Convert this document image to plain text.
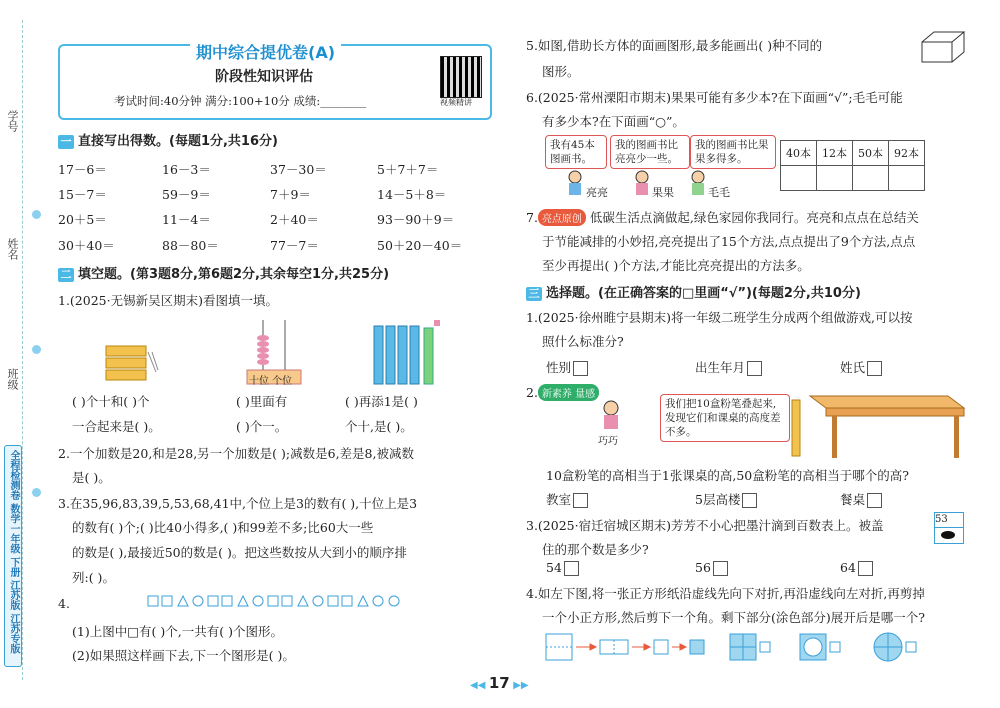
学号
姓名
班级
全程检测卷 数学一年级 下册 江苏版 江苏专版
期中综合提优卷(A)
阶段性知识评估
考试时间:40分钟 满分:100+10分 成绩:________	视频精讲
一 直接写出得数。(每题1分,共16分)
17－6＝	16－3＝	37－30＝	5＋7＋7＝
15－7＝	59－9＝	7＋9＝	14－5＋8＝
20＋5＝	11－4＝	2＋40＝	93－90＋9＝
30＋40＝	88－80＝	77－7＝	50＋20－40＝
二 填空题。(第3题8分,第6题2分,其余每空1分,共25分)
1.(2025·无锡新吴区期末)看图填一填。
十位 个位
( )个十和( )个	( )里面有	( )再添1是( )
一合起来是( )。	( )个一。	个十,是( )。
2.一个加数是20,和是28,另一个加数是( );减数是6,差是8,被减数
是( )。
3.在35,96,83,39,5,53,68,41中,个位上是3的数有( ),十位上是3
的数有( )个;( )比40小得多,( )和99差不多;比60大一些
的数是( ),最接近50的数是( )。把这些数按从大到小的顺序排
列:( )。
4.
(1)上图中□有( )个,一共有( )个图形。
(2)如果照这样画下去,下一个图形是( )。
5.如图,借助长方体的面画图形,最多能画出( )种不同的
图形。
6.(2025·常州溧阳市期末)果果可能有多少本?在下面画“√”;毛毛可能
有多少本?在下面画“○”。
我有45本图画书。
我的图画书比亮亮少一些。
我的图画书比果果多得多。
亮亮	果果	毛毛
40本	12本	50本	92本

7. 亮点原创 低碳生活点滴做起,绿色家园你我同行。亮亮和点点在总结关
于节能减排的小妙招,亮亮提出了15个方法,点点提出了9个方法,点点
至少再提出( )个方法,才能比亮亮提出的方法多。
三 选择题。(在正确答案的□里画“√”)(每题2分,共10分)
1.(2025·徐州睢宁县期末)将一年级二班学生分成两个组做游戏,可以按
照什么标准分?
性别	出生年月	姓氏
2. 新素养 量感
巧巧
我们把10盒粉笔叠起来,发现它们和课桌的高度差不多。
10盒粉笔的高相当于1张课桌的高,50盒粉笔的高相当于哪个的高?
教室	5层高楼	餐桌
3.(2025·宿迁宿城区期末)芳芳不小心把墨汁滴到百数表上。被盖
住的那个数是多少?
53
54	56	64
4.如左下图,将一张正方形纸沿虚线先向下对折,再沿虚线向左对折,再剪掉
一个小正方形,然后剪下一个角。剩下部分(涂色部分)展开后是哪一个?
◀◀ 17 ▶▶
